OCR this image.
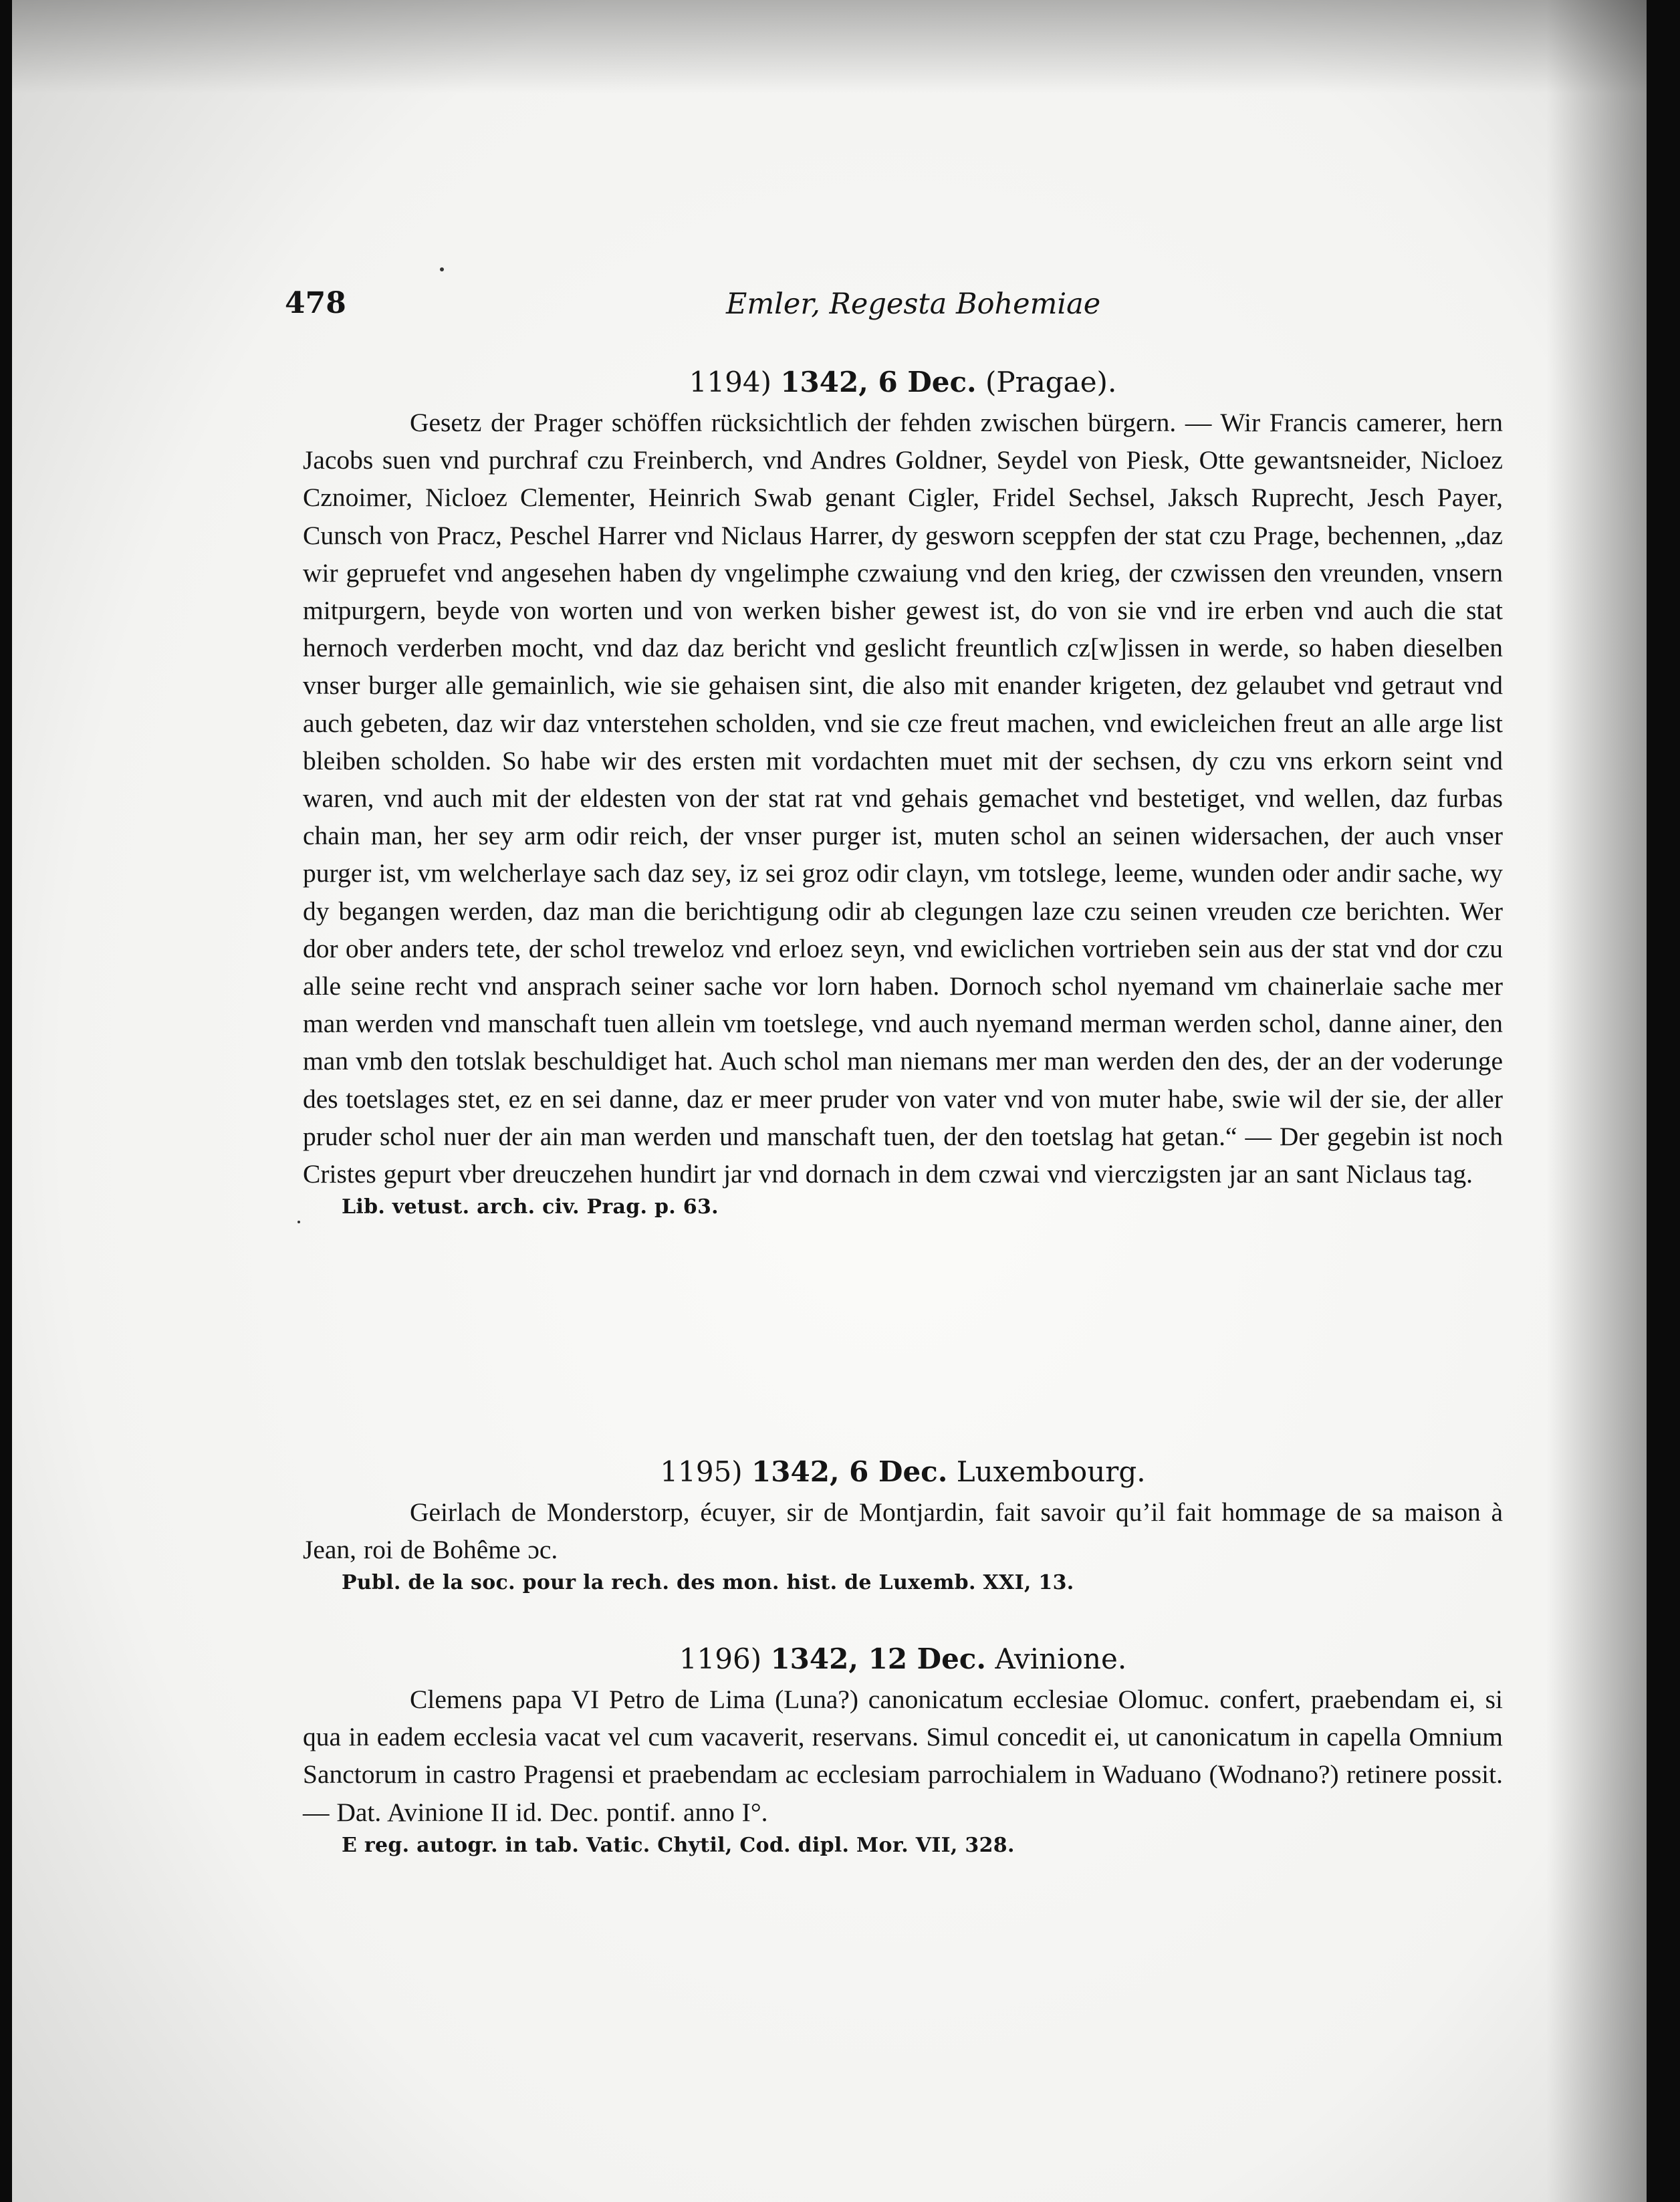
478	Emler, Regesta Bohemiae

1194) 1342, 6 Dec. (Pragae).

Gesetz der Prager schöffen rücksichtlich der fehden zwischen bürgern. — Wir Francis camerer, hern Jacobs suen vnd purchraf czu Freinberch, vnd Andres Goldner, Seydel von Piesk, Otte gewantsneider, Nicloez Cznoimer, Nicloez Clementer, Heinrich Swab genant Cigler, Fridel Sechsel, Jaksch Ruprecht, Jesch Payer, Cunsch von Pracz, Peschel Harrer vnd Niclaus Harrer, dy gesworn sceppfen der stat czu Prage, bechennen, „daz wir gepruefet vnd angesehen haben dy vngelimphe czwaiung vnd den krieg, der czwissen den vreunden, vnsern mitpurgern, beyde von worten und von werken bisher gewest ist, do von sie vnd ire erben vnd auch die stat hernoch verderben mocht, vnd daz daz bericht vnd geslicht freuntlich cz[w]issen in werde, so haben dieselben vnser burger alle gemainlich, wie sie gehaisen sint, die also mit enander krigeten, dez gelaubet vnd getraut vnd auch gebeten, daz wir daz vnterstehen scholden, vnd sie cze freut machen, vnd ewicleichen freut an alle arge list bleiben scholden. So habe wir des ersten mit vordachten muet mit der sechsen, dy czu vns erkorn seint vnd waren, vnd auch mit der eldesten von der stat rat vnd gehais gemachet vnd bestetiget, vnd wellen, daz furbas chain man, her sey arm odir reich, der vnser purger ist, muten schol an seinen widersachen, der auch vnser purger ist, vm welcherlaye sach daz sey, iz sei groz odir clayn, vm totslege, leeme, wunden oder andir sache, wy dy begangen werden, daz man die berichtigung odir ab clegungen laze czu seinen vreuden cze berichten. Wer dor ober anders tete, der schol treweloz vnd erloez seyn, vnd ewiclichen vortrieben sein aus der stat vnd dor czu alle seine recht vnd ansprach seiner sache vor lorn haben. Dornoch schol nyemand vm chainerlaie sache mer man werden vnd manschaft tuen allein vm toetslege, vnd auch nyemand merman werden schol, danne ainer, den man vmb den totslak beschuldiget hat. Auch schol man niemans mer man werden den des, der an der voderunge des toetslages stet, ez en sei danne, daz er meer pruder von vater vnd von muter habe, swie wil der sie, der aller pruder schol nuer der ain man werden und manschaft tuen, der den toetslag hat getan.“ — Der gegebin ist noch Cristes gepurt vber dreuczehen hundirt jar vnd dornach in dem czwai vnd vierczigsten jar an sant Niclaus tag.

Lib. vetust. arch. civ. Prag. p. 63.

1195) 1342, 6 Dec. Luxembourg.

Geirlach de Monderstorp, écuyer, sir de Montjardin, fait savoir qu’il fait hommage de sa maison à Jean, roi de Bohême ɔc.

Publ. de la soc. pour la rech. des mon. hist. de Luxemb. XXI, 13.

1196) 1342, 12 Dec. Avinione.

Clemens papa VI Petro de Lima (Luna?) canonicatum ecclesiae Olomuc. confert, praebendam ei, si qua in eadem ecclesia vacat vel cum vacaverit, reservans. Simul concedit ei, ut canonicatum in capella Omnium Sanctorum in castro Pragensi et praebendam ac ecclesiam parrochialem in Waduano (Wodnano?) retinere possit. — Dat. Avinione II id. Dec. pontif. anno I°.

E reg. autogr. in tab. Vatic. Chytil, Cod. dipl. Mor. VII, 328.
